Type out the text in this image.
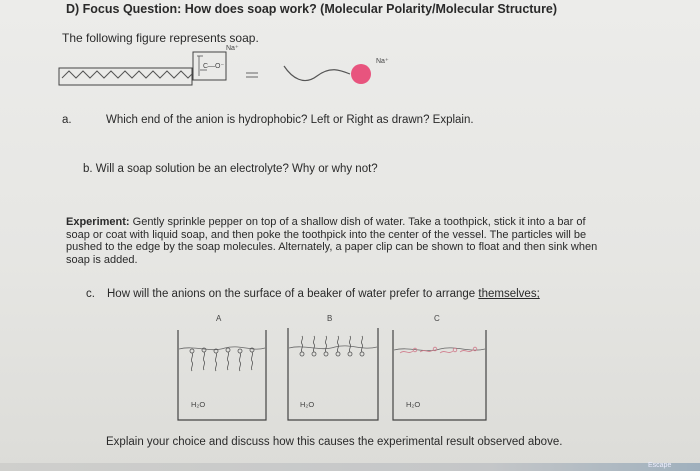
D) Focus Question: How does soap work? (Molecular Polarity/Molecular Structure)
The following figure represents soap.
Na⁺
C—O⁻
Na⁺
a.	Which end of the anion is hydrophobic? Left or Right as drawn? Explain.
b. Will a soap solution be an electrolyte? Why or why not?
Experiment: Gently sprinkle pepper on top of a shallow dish of water. Take a toothpick, stick it into a bar of soap or coat with liquid soap, and then poke the toothpick into the center of the vessel. The particles will be pushed to the edge by the soap molecules. Alternately, a paper clip can be shown to float and then sink when soap is added.
c. How will the anions on the surface of a beaker of water prefer to arrange themselves;
A	B	C
H₂O	H₂O	H₂O
Explain your choice and discuss how this causes the experimental result observed above.
Escape
